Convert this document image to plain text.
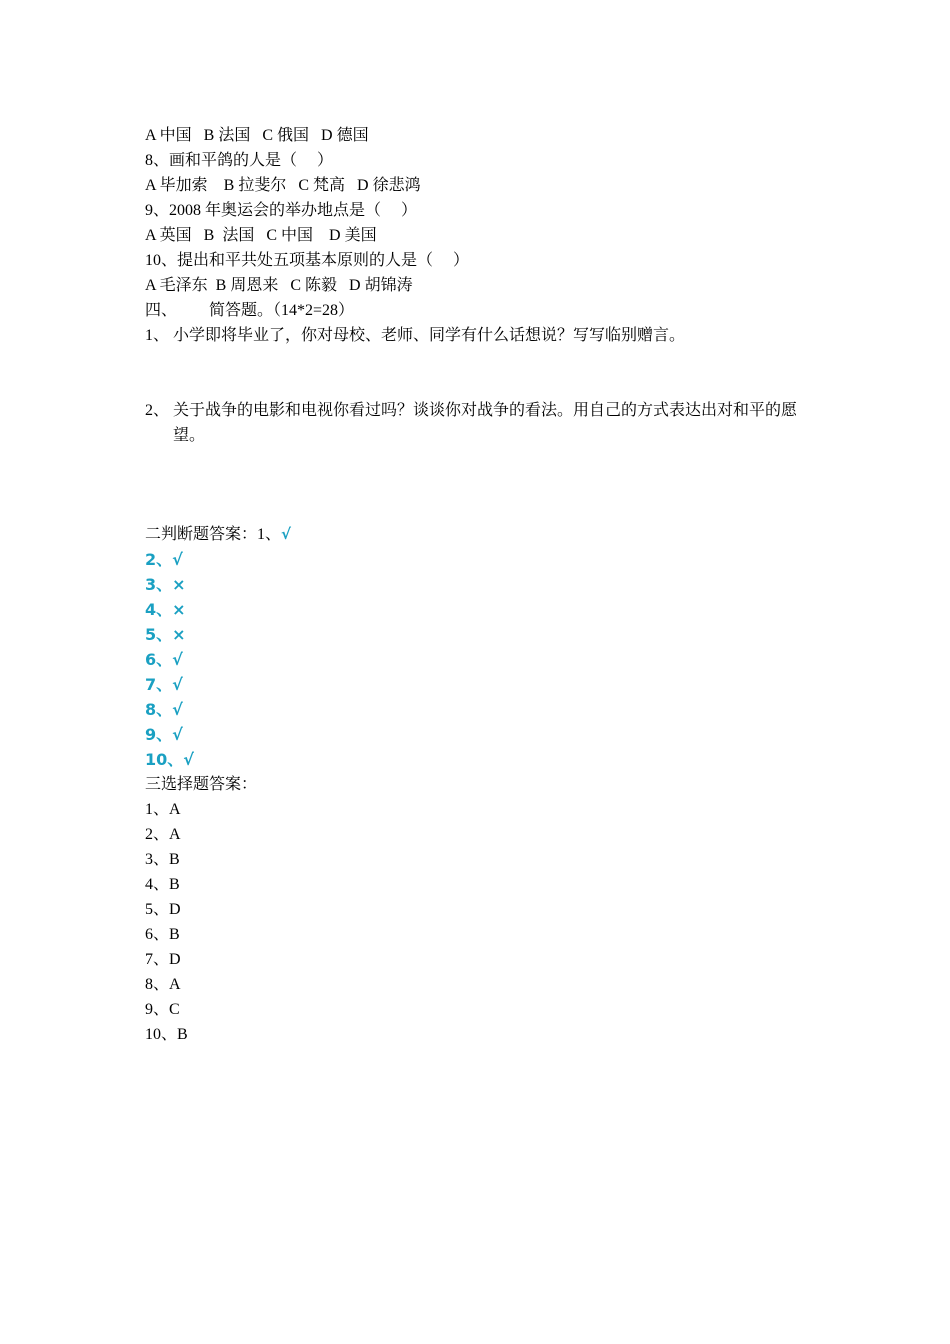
A 中国   B 法国   C 俄国   D 德国
8、画和平鸽的人是（     ）
A 毕加索    B 拉斐尔   C 梵高   D 徐悲鸿
9、2008 年奥运会的举办地点是（     ）
A 英国   B  法国   C 中国    D 美国
10、提出和平共处五项基本原则的人是（     ）
A 毛泽东  B 周恩来   C 陈毅   D 胡锦涛
四、        简答题。（14*2=28）
1、 小学即将毕业了，你对母校、老师、同学有什么话想说？写写临别赠言。
2、 关于战争的电影和电视你看过吗？谈谈你对战争的看法。用自己的方式表达出对和平的愿望。
二判断题答案：1、√
2、√
3、×
4、×
5、×
6、√
7、√
8、√
9、√
10、√
三选择题答案：
1、A
2、A
3、B
4、B
5、D
6、B
7、D
8、A
9、C
10、B
